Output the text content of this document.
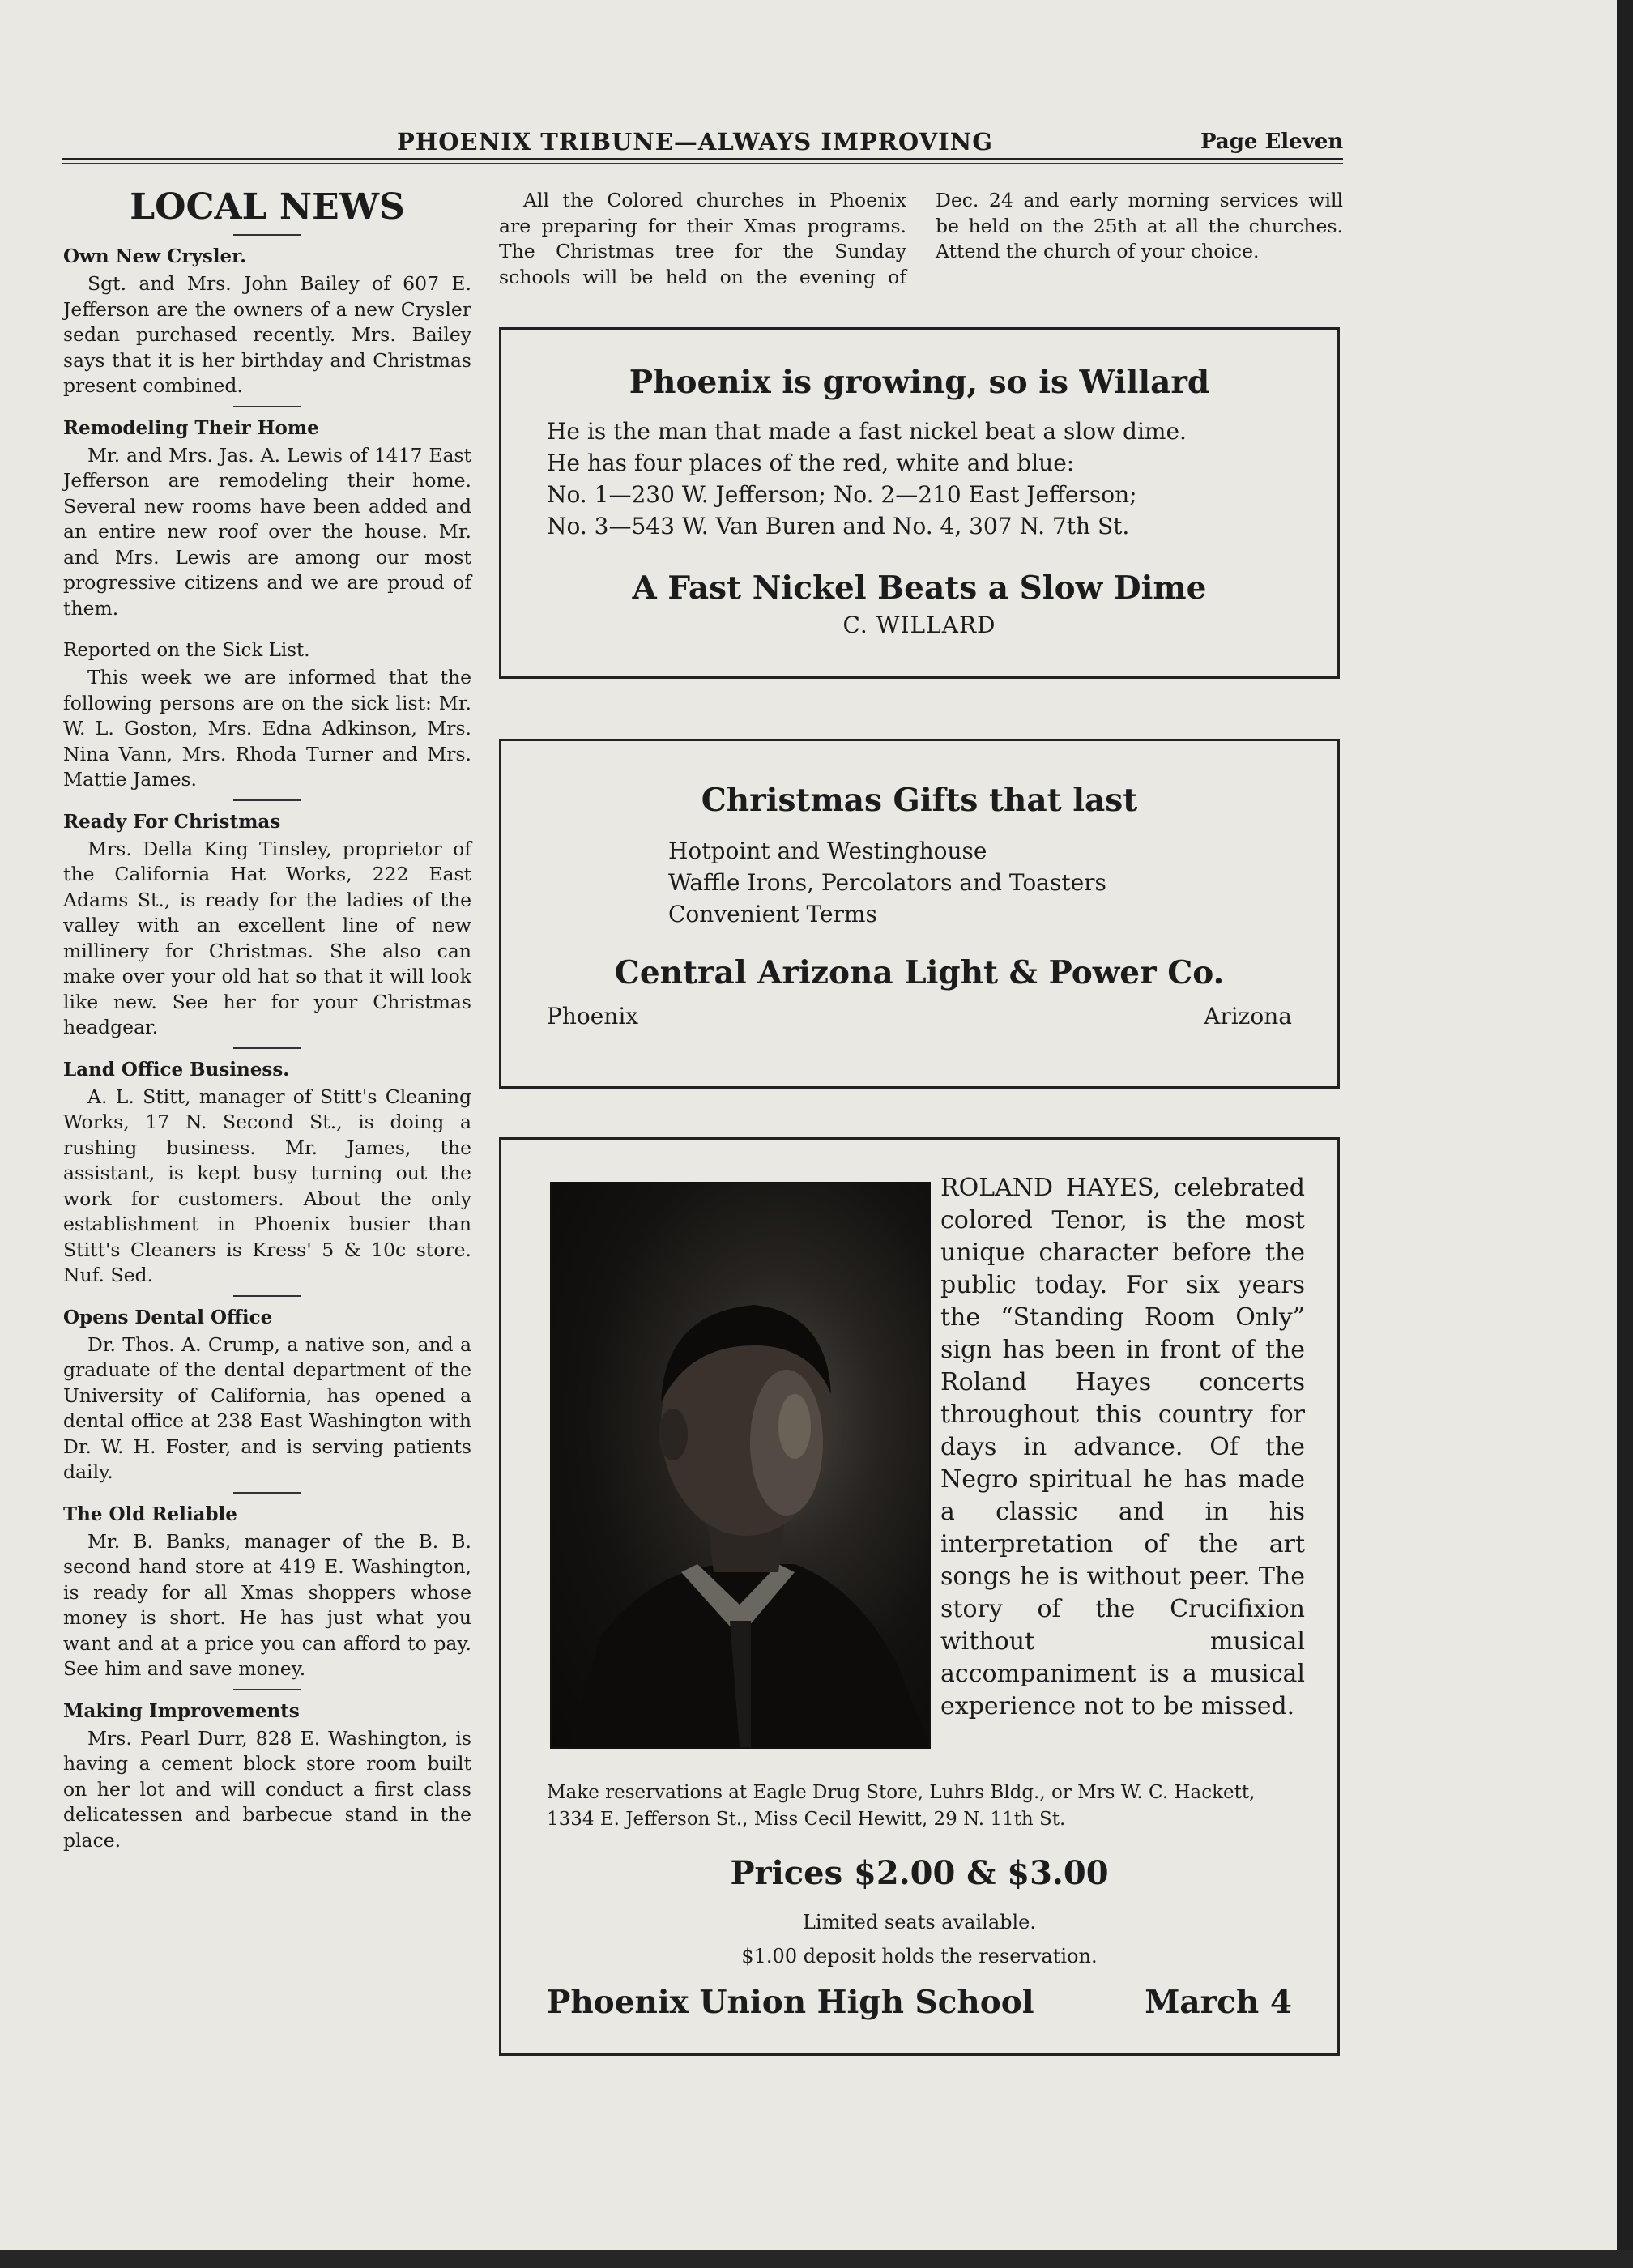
PHOENIX TRIBUNE—ALWAYS IMPROVING	Page Eleven
LOCAL NEWS
Own New Crysler.

Sgt. and Mrs. John Bailey of 607 E. Jefferson are the owners of a new Crysler sedan purchased recently. Mrs. Bailey says that it is her birthday and Christmas present combined.

Remodeling Their Home

Mr. and Mrs. Jas. A. Lewis of 1417 East Jefferson are remodeling their home. Several new rooms have been added and an entire new roof over the house. Mr. and Mrs. Lewis are among our most progressive citizens and we are proud of them.

Reported on the Sick List.

This week we are informed that the following persons are on the sick list: Mr. W. L. Goston, Mrs. Edna Adkinson, Mrs. Nina Vann, Mrs. Rhoda Turner and Mrs. Mattie James.

Ready For Christmas

Mrs. Della King Tinsley, proprietor of the California Hat Works, 222 East Adams St., is ready for the ladies of the valley with an excellent line of new millinery for Christmas. She also can make over your old hat so that it will look like new. See her for your Christmas headgear.

Land Office Business.

A. L. Stitt, manager of Stitt's Cleaning Works, 17 N. Second St., is doing a rushing business. Mr. James, the assistant, is kept busy turning out the work for customers. About the only establishment in Phoenix busier than Stitt's Cleaners is Kress' 5 & 10c store. Nuf. Sed.

Opens Dental Office

Dr. Thos. A. Crump, a native son, and a graduate of the dental department of the University of California, has opened a dental office at 238 East Washington with Dr. W. H. Foster, and is serving patients daily.

The Old Reliable

Mr. B. Banks, manager of the B. B. second hand store at 419 E. Washington, is ready for all Xmas shoppers whose money is short. He has just what you want and at a price you can afford to pay. See him and save money.

Making Improvements

Mrs. Pearl Durr, 828 E. Washington, is having a cement block store room built on her lot and will conduct a first class delicatessen and barbecue stand in the place.

All the Colored churches in Phoenix are preparing for their Xmas programs. The Christmas tree for the Sunday schools will be held on the evening of Dec. 24 and early morning services will be held on the 25th at all the churches. Attend the church of your choice.
Phoenix is growing, so is Willard
He is the man that made a fast nickel beat a slow dime.
He has four places of the red, white and blue:
No. 1—230 W. Jefferson; No. 2—210 East Jefferson;
No. 3—543 W. Van Buren and No. 4, 307 N. 7th St.
A Fast Nickel Beats a Slow Dime
C. WILLARD
Christmas Gifts that last
Hotpoint and Westinghouse
Waffle Irons, Percolators and Toasters
Convenient Terms
Central Arizona Light & Power Co.
Phoenix	Arizona
ROLAND HAYES, celebrated colored Tenor, is the most unique character before the public today. For six years the “Standing Room Only” sign has been in front of the Roland Hayes concerts throughout this country for days in advance. Of the Negro spiritual he has made a classic and in his interpretation of the art songs he is without peer. The story of the Crucifixion without musical accompaniment is a musical experience not to be missed.
Make reservations at Eagle Drug Store, Luhrs Bldg., or Mrs W. C. Hackett, 1334 E. Jefferson St., Miss Cecil Hewitt, 29 N. 11th St.
Prices $2.00 & $3.00
Limited seats available.
$1.00 deposit holds the reservation.
Phoenix Union High School	March 4
